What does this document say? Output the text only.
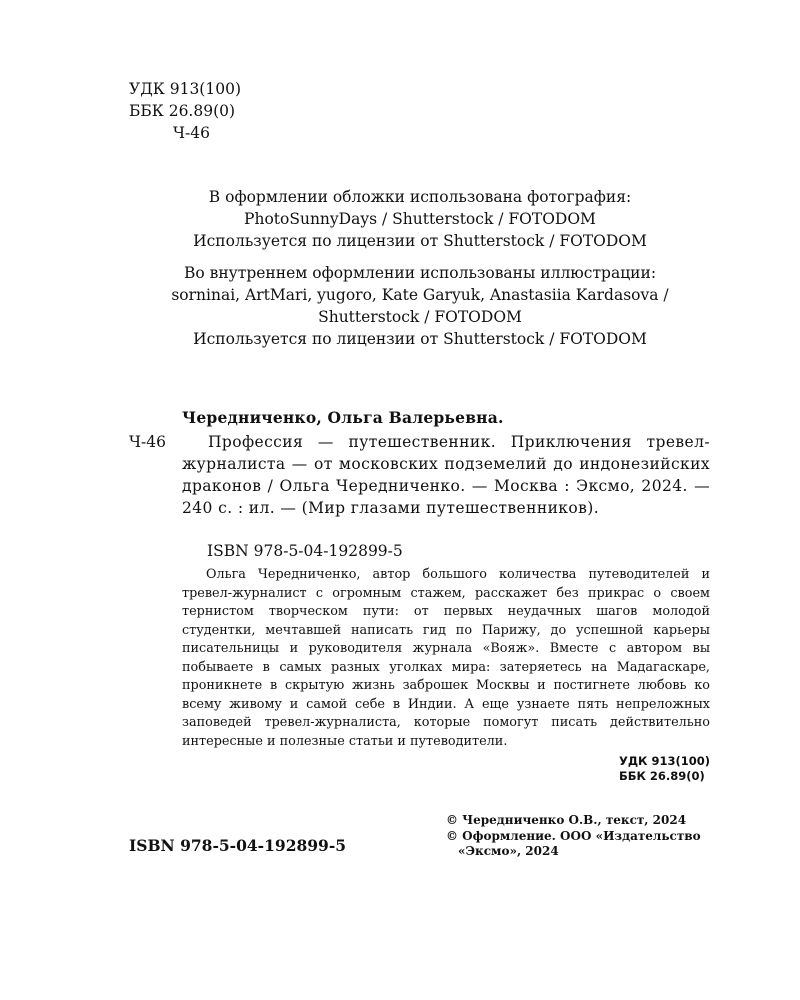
УДК 913(100)
ББК 26.89(0)
Ч-46
В оформлении обложки использована фотография:
PhotoSunnyDays / Shutterstock / FOTODOM
Используется по лицензии от Shutterstock / FOTODOM
Во внутреннем оформлении использованы иллюстрации:
sorninai, ArtMari, yugoro, Kate Garyuk, Anastasiia Kardasova /
Shutterstock / FOTODOM
Используется по лицензии от Shutterstock / FOTODOM
Чередниченко, Ольга Валерьевна.
Ч-46	Профессия — путешественник. Приключения тревел-журналиста — от московских подземелий до индонезийских драконов / Ольга Чередниченко. — Москва : Эксмо, 2024. — 240 с. : ил. — (Мир глазами путешественников).
ISBN 978-5-04-192899-5
Ольга Чередниченко, автор большого количества путеводителей и тревел-журналист с огромным стажем, расскажет без прикрас о своем тернистом творческом пути: от первых неудачных шагов молодой студентки, мечтавшей написать гид по Парижу, до успешной карьеры писательницы и руководителя журнала «Вояж». Вместе с автором вы побываете в самых разных уголках мира: затеряетесь на Мадагаскаре, проникнете в скрытую жизнь заброшек Москвы и постигнете любовь ко всему живому и самой себе в Индии. А еще узнаете пять непреложных заповедей тревел-журналиста, которые помогут писать действительно интересные и полезные статьи и путеводители.
УДК 913(100)
ББК 26.89(0)
© Чередниченко О.В., текст, 2024
© Оформление. ООО «Издательство
«Эксмо», 2024
ISBN 978-5-04-192899-5
